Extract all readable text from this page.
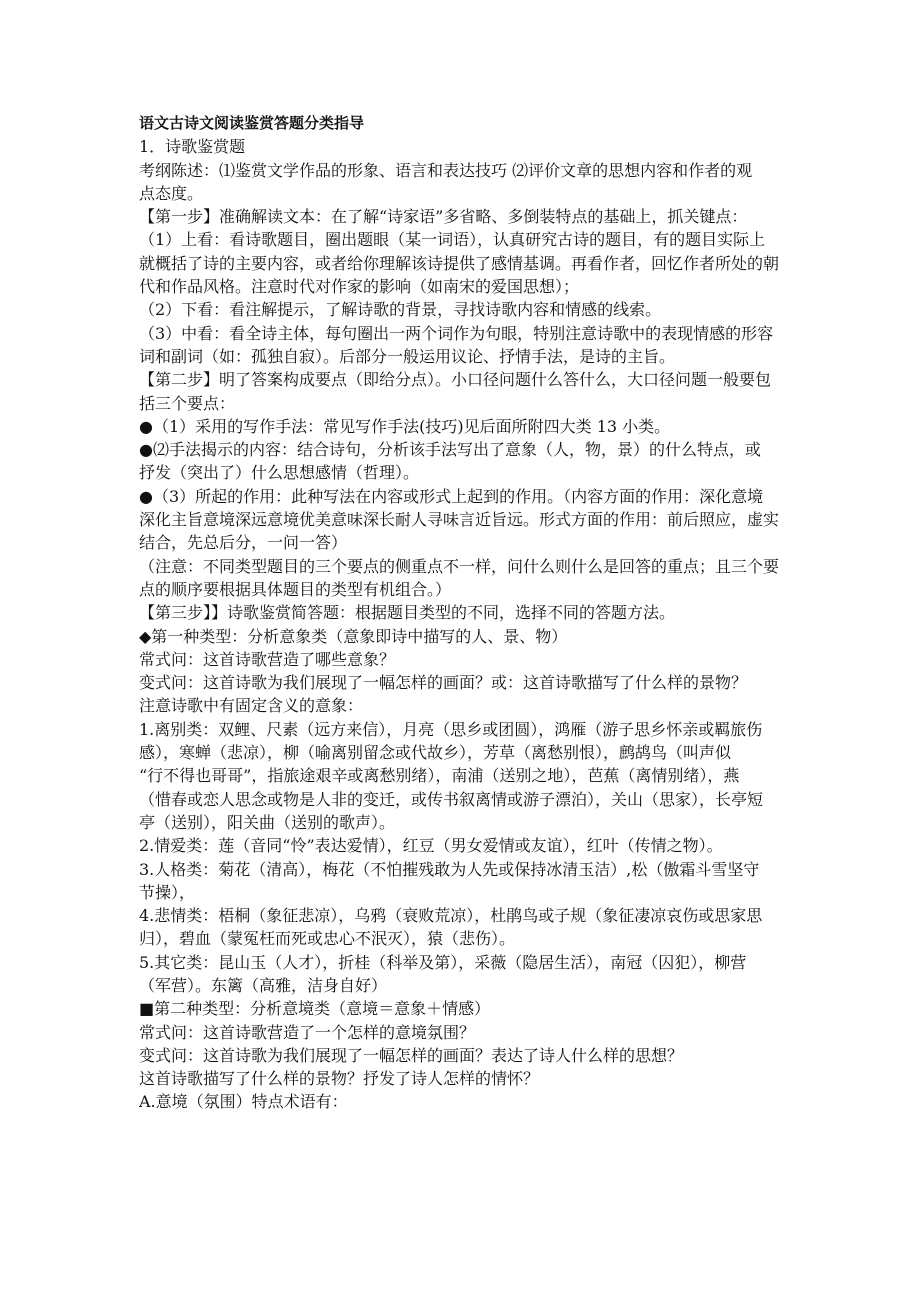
语文古诗文阅读鉴赏答题分类指导
1．诗歌鉴赏题
考纲陈述：⑴鉴赏文学作品的形象、语言和表达技巧 ⑵评价文章的思想内容和作者的观
点态度。
【第一步】准确解读文本：在了解“诗家语”多省略、多倒装特点的基础上，抓关键点：
（1）上看：看诗歌题目，圈出题眼（某一词语），认真研究古诗的题目，有的题目实际上
就概括了诗的主要内容，或者给你理解该诗提供了感情基调。再看作者，回忆作者所处的朝
代和作品风格。注意时代对作家的影响（如南宋的爱国思想）；
（2）下看：看注解提示，了解诗歌的背景，寻找诗歌内容和情感的线索。
（3）中看：看全诗主体，每句圈出一两个词作为句眼，特别注意诗歌中的表现情感的形容
词和副词（如：孤独自寂）。后部分一般运用议论、抒情手法，是诗的主旨。
【第二步】明了答案构成要点（即给分点）。小口径问题什么答什么，大口径问题一般要包
括三个要点：
●（1）采用的写作手法：常见写作手法(技巧)见后面所附四大类 13 小类。
●⑵手法揭示的内容：结合诗句，分析该手法写出了意象（人，物，景）的什么特点，或
抒发（突出了）什么思想感情（哲理）。
●（3）所起的作用：此种写法在内容或形式上起到的作用。（内容方面的作用：深化意境
深化主旨意境深远意境优美意味深长耐人寻味言近旨远。形式方面的作用：前后照应，虚实
结合，先总后分，一问一答）
（注意：不同类型题目的三个要点的侧重点不一样，问什么则什么是回答的重点；且三个要
点的顺序要根据具体题目的类型有机组合。）
【第三步】】诗歌鉴赏简答题：根据题目类型的不同，选择不同的答题方法。
◆第一种类型：分析意象类（意象即诗中描写的人、景、物）
常式问：这首诗歌营造了哪些意象？
变式问：这首诗歌为我们展现了一幅怎样的画面？或：这首诗歌描写了什么样的景物？
注意诗歌中有固定含义的意象：
1.离别类：双鲤、尺素（远方来信），月亮（思乡或团圆），鸿雁（游子思乡怀亲或羁旅伤
感），寒蝉（悲凉），柳（喻离别留念或代故乡），芳草（离愁别恨），鹧鸪鸟（叫声似
“行不得也哥哥”，指旅途艰辛或离愁别绪），南浦（送别之地），芭蕉（离情别绪），燕
（惜春或恋人思念或物是人非的变迁，或传书叙离情或游子漂泊），关山（思家），长亭短
亭（送别），阳关曲（送别的歌声）。
2.情爱类：莲（音同“怜”表达爱情），红豆（男女爱情或友谊），红叶（传情之物）。
3.人格类：菊花（清高），梅花（不怕摧残敢为人先或保持冰清玉洁）,松（傲霜斗雪坚守
节操），
4.悲情类：梧桐（象征悲凉），乌鸦（衰败荒凉），杜鹃鸟或子规（象征凄凉哀伤或思家思
归），碧血（蒙冤枉而死或忠心不泯灭），猿（悲伤）。
5.其它类：昆山玉（人才），折桂（科举及第），采薇（隐居生活），南冠（囚犯），柳营
（军营）。东篱（高雅，洁身自好）
■第二种类型：分析意境类（意境＝意象＋情感）
常式问：这首诗歌营造了一个怎样的意境氛围？
变式问：这首诗歌为我们展现了一幅怎样的画面？表达了诗人什么样的思想？
这首诗歌描写了什么样的景物？抒发了诗人怎样的情怀？
A.意境（氛围）特点术语有：
